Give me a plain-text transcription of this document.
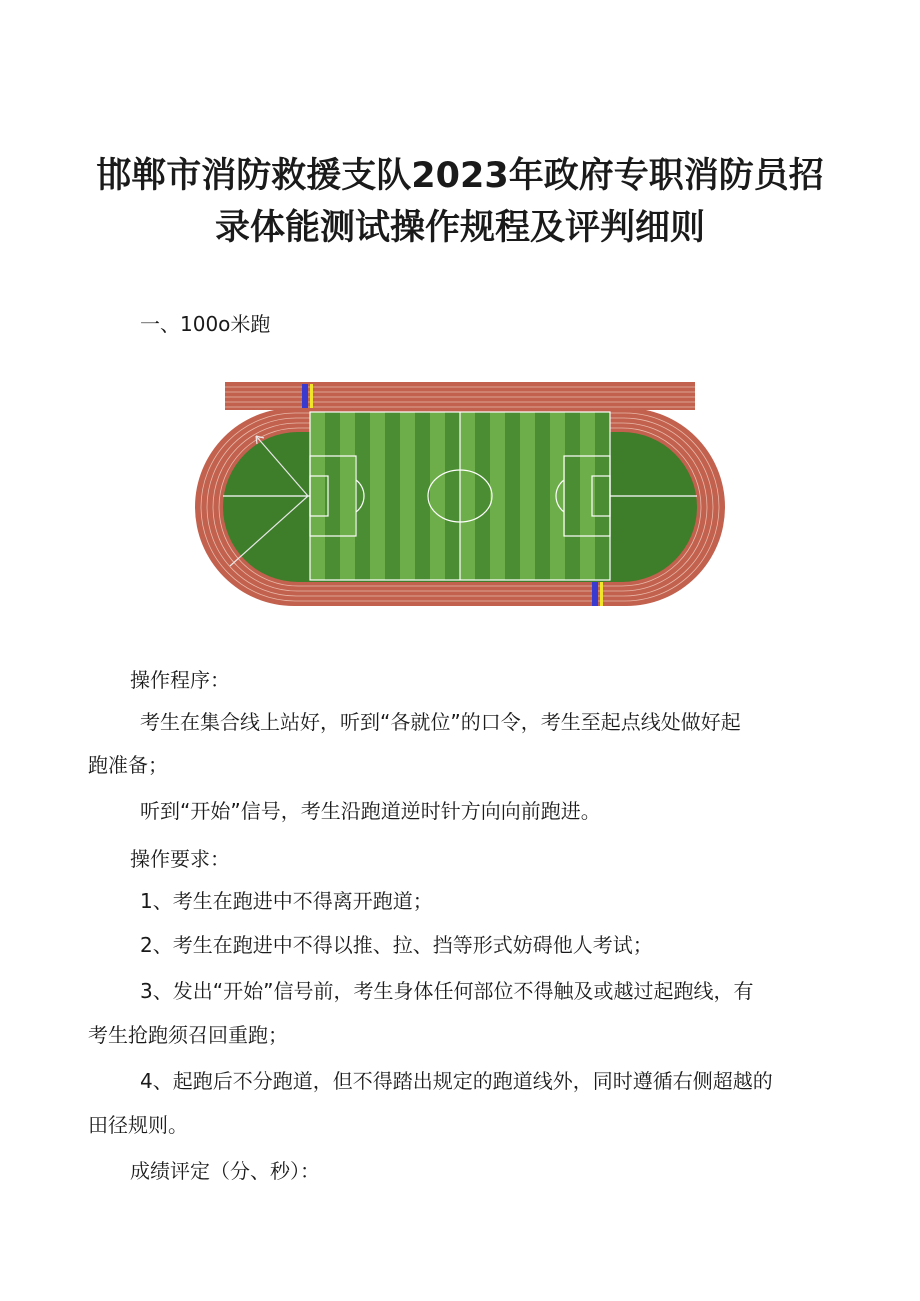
邯郸市消防救援支队2023年政府专职消防员招
录体能测试操作规程及评判细则
一、100o米跑
操作程序：
考生在集合线上站好，听到“各就位”的口令，考生至起点线处做好起
跑准备；
听到“开始”信号，考生沿跑道逆时针方向向前跑进。
操作要求：
1、考生在跑进中不得离开跑道；
2、考生在跑进中不得以推、拉、挡等形式妨碍他人考试；
3、发出“开始”信号前，考生身体任何部位不得触及或越过起跑线，有
考生抢跑须召回重跑；
4、起跑后不分跑道，但不得踏出规定的跑道线外，同时遵循右侧超越的
田径规则。
成绩评定（分、秒）：
